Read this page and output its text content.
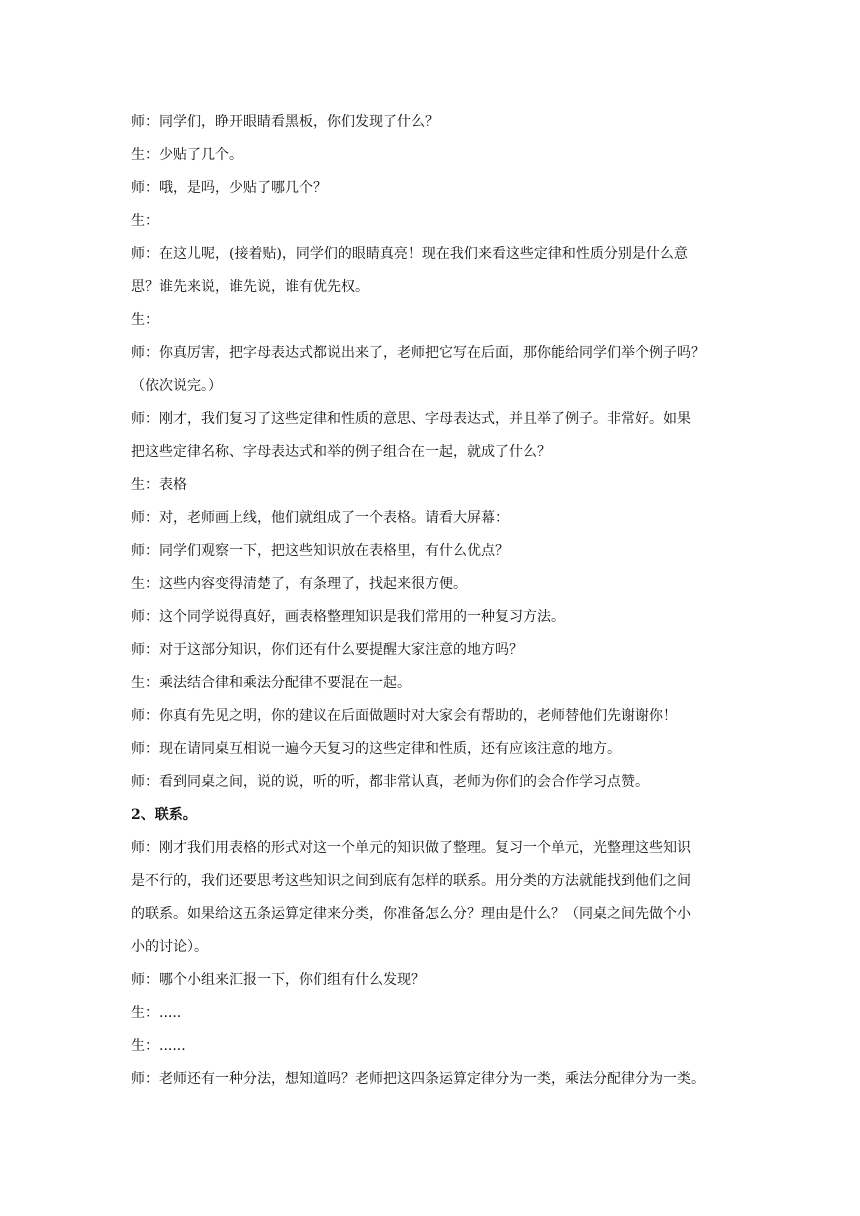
师：同学们，睁开眼睛看黑板，你们发现了什么？
生：少贴了几个。
师：哦，是吗，少贴了哪几个？
生：
师：在这儿呢，(接着贴)，同学们的眼睛真亮！现在我们来看这些定律和性质分别是什么意
思？谁先来说，谁先说，谁有优先权。
生：
师：你真厉害，把字母表达式都说出来了，老师把它写在后面，那你能给同学们举个例子吗？
（依次说完。）
师：刚才，我们复习了这些定律和性质的意思、字母表达式，并且举了例子。非常好。如果
把这些定律名称、字母表达式和举的例子组合在一起，就成了什么？
生：表格
师：对，老师画上线，他们就组成了一个表格。请看大屏幕：
师：同学们观察一下，把这些知识放在表格里，有什么优点？
生：这些内容变得清楚了，有条理了，找起来很方便。
师：这个同学说得真好，画表格整理知识是我们常用的一种复习方法。
师：对于这部分知识，你们还有什么要提醒大家注意的地方吗？
生：乘法结合律和乘法分配律不要混在一起。
师：你真有先见之明，你的建议在后面做题时对大家会有帮助的，老师替他们先谢谢你！
师：现在请同桌互相说一遍今天复习的这些定律和性质，还有应该注意的地方。
师：看到同桌之间，说的说，听的听，都非常认真，老师为你们的会合作学习点赞。
2、联系。
师：刚才我们用表格的形式对这一个单元的知识做了整理。复习一个单元，光整理这些知识
是不行的，我们还要思考这些知识之间到底有怎样的联系。用分类的方法就能找到他们之间
的联系。如果给这五条运算定律来分类，你准备怎么分？理由是什么？（同桌之间先做个小
小的讨论）。
师：哪个小组来汇报一下，你们组有什么发现？
生：.....
生：......
师：老师还有一种分法，想知道吗？老师把这四条运算定律分为一类，乘法分配律分为一类。
